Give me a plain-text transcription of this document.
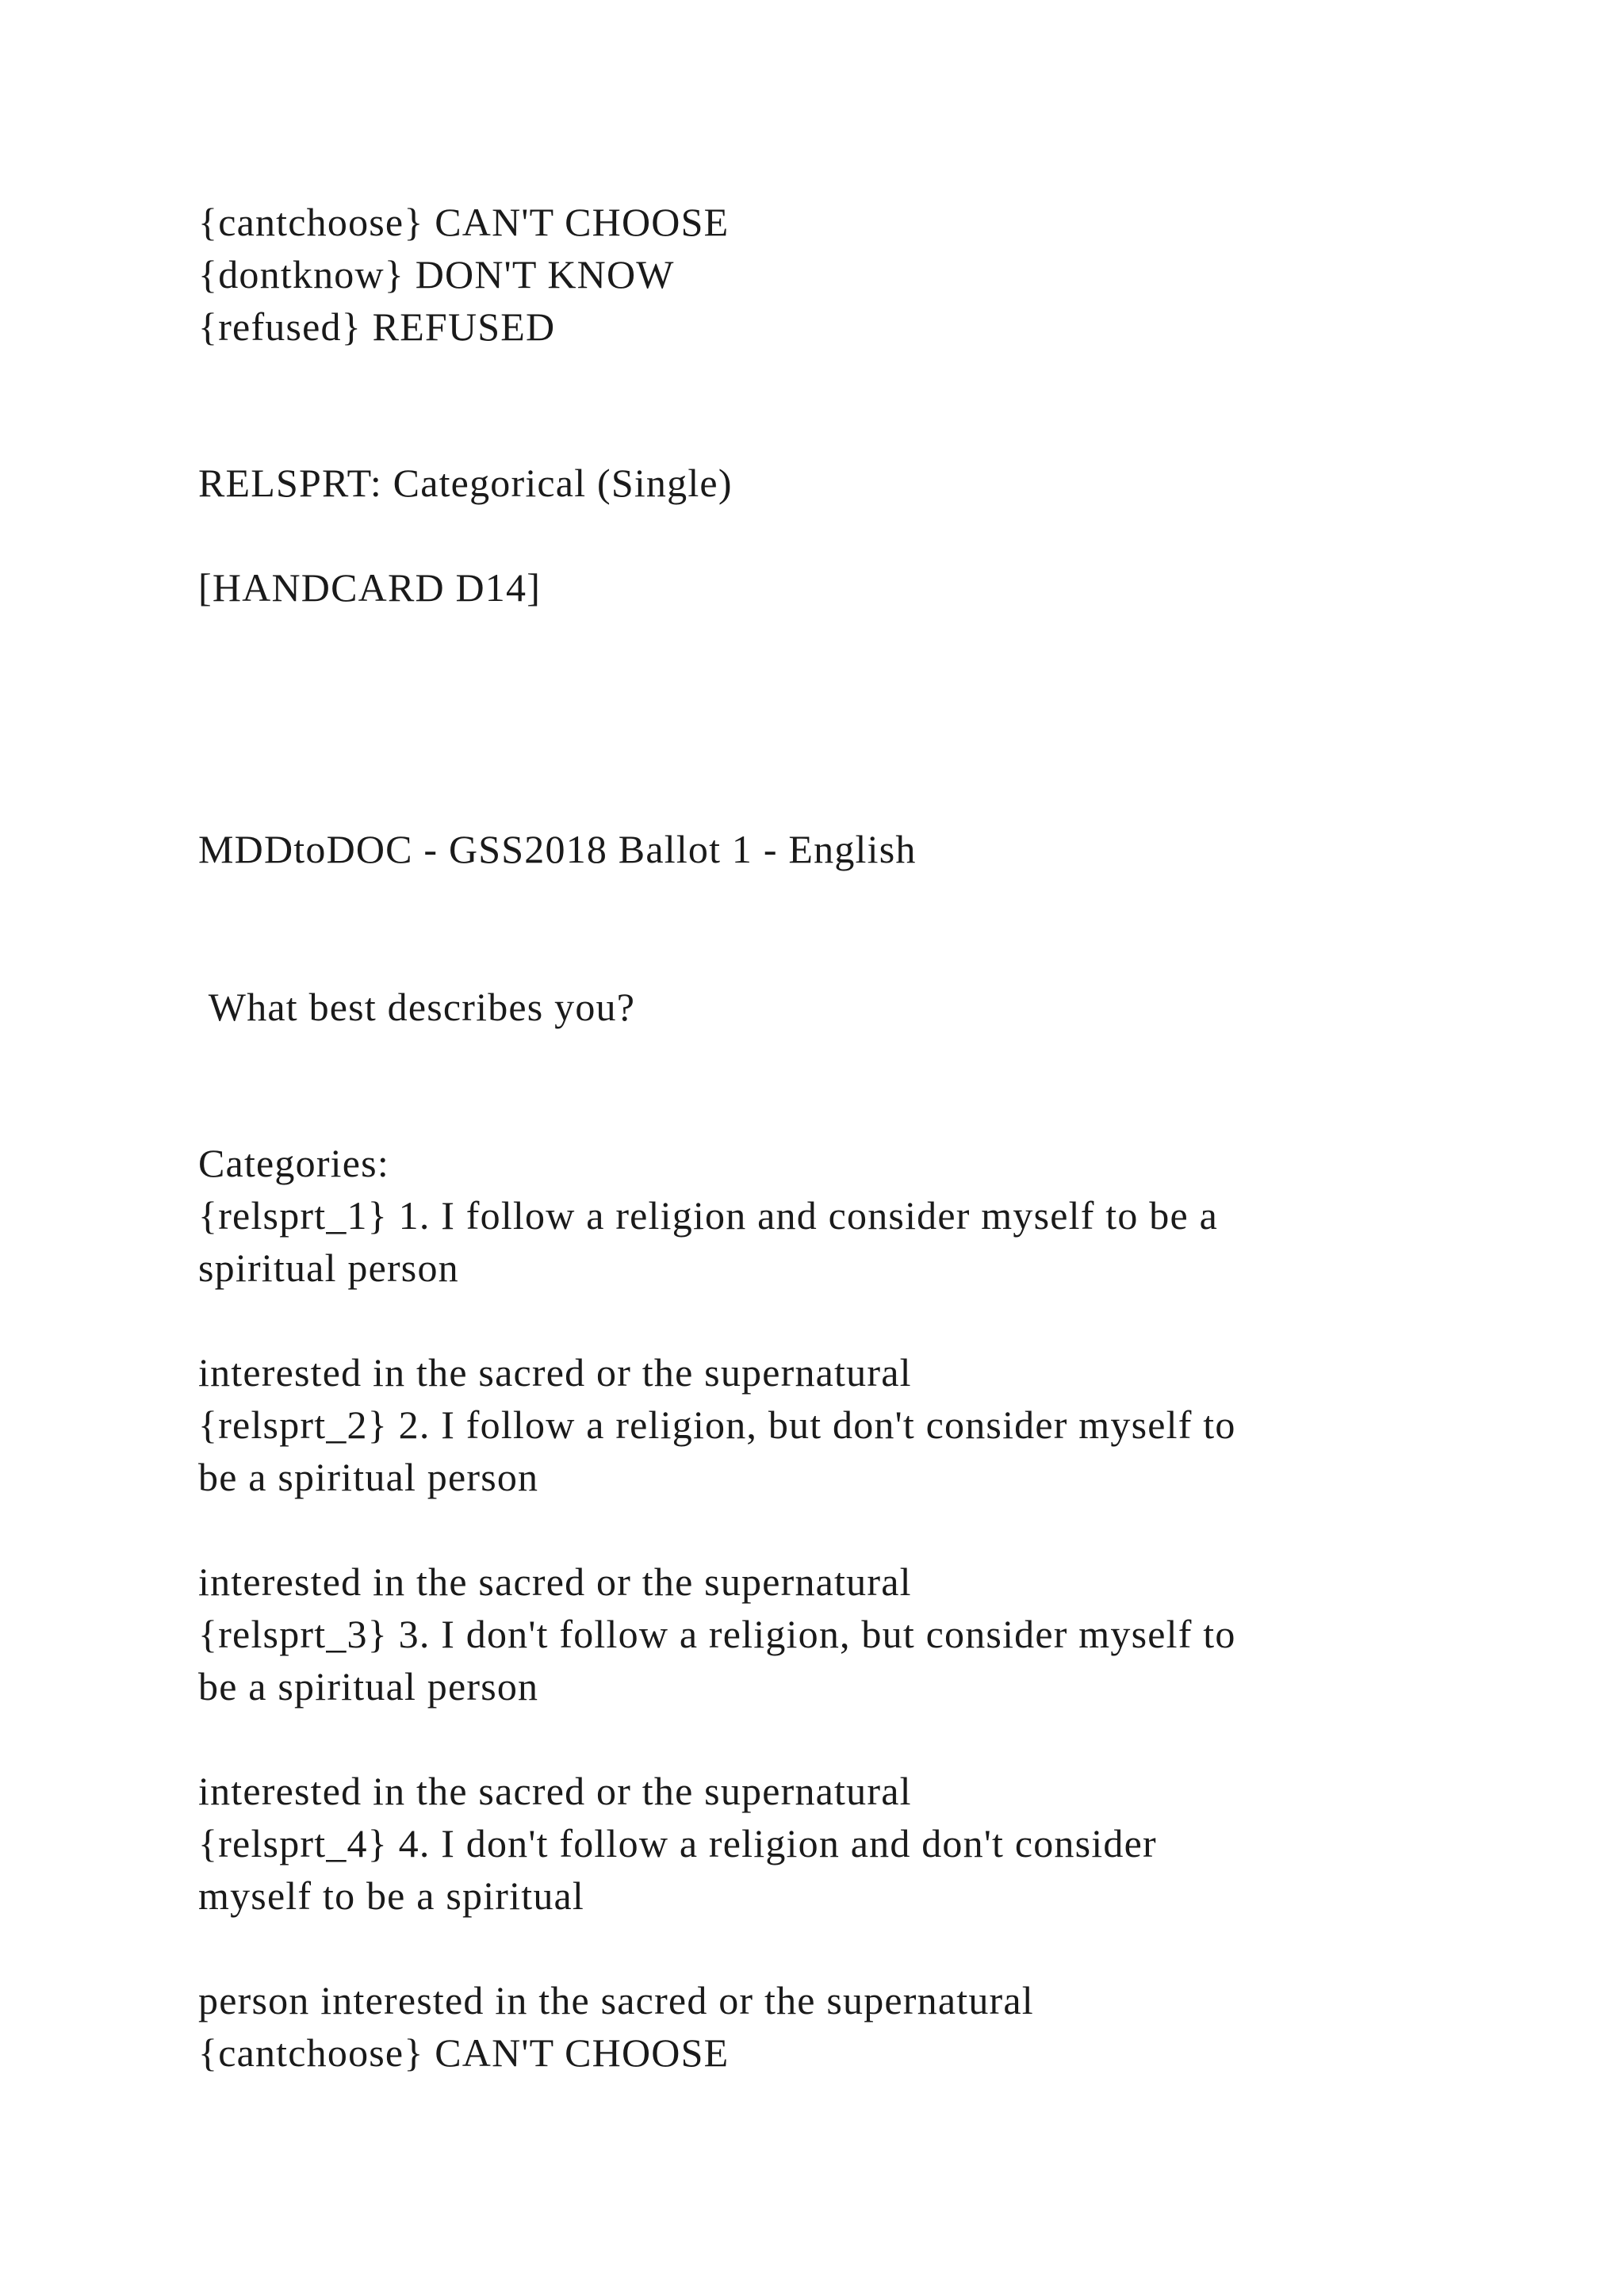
{cantchoose} CAN'T CHOOSE

{dontknow} DON'T KNOW

{refused} REFUSED

RELSPRT: Categorical (Single)

[HANDCARD D14]

MDDtoDOC - GSS2018 Ballot 1 - English

What best describes you?

Categories:

{relsprt_1} 1. I follow a religion and consider myself to be a

spiritual person

interested in the sacred or the supernatural

{relsprt_2} 2. I follow a religion, but don't consider myself to

be a spiritual person

interested in the sacred or the supernatural

{relsprt_3} 3. I don't follow a religion, but consider myself to

be a spiritual person

interested in the sacred or the supernatural

{relsprt_4} 4. I don't follow a religion and don't consider

myself to be a spiritual

person interested in the sacred or the supernatural

{cantchoose} CAN'T CHOOSE
